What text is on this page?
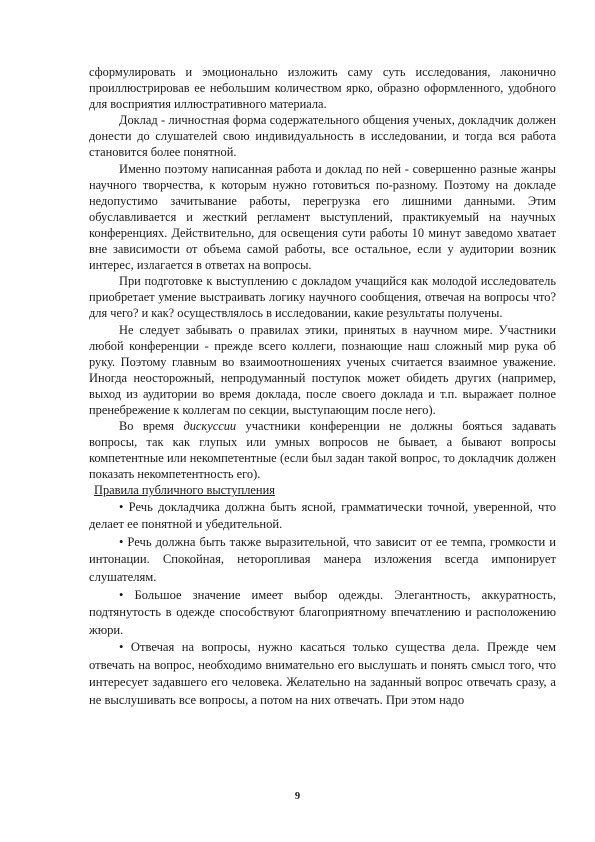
сформулировать и эмоционально изложить саму суть исследования, лаконично проиллюстрировав ее небольшим количеством ярко, образно оформленного, удобного для восприятия иллюстративного материала.

Доклад - личностная форма содержательного общения ученых, докладчик должен донести до слушателей свою индивидуальность в исследовании, и тогда вся работа становится более понятной.

Именно поэтому написанная работа и доклад по ней - совершенно разные жанры научного творчества, к которым нужно готовиться по-разному. Поэтому на докладе недопустимо зачитывание работы, перегрузка его лишними данными. Этим обуславливается и жесткий регламент выступлений, практикуемый на научных конференциях. Действительно, для освещения сути работы 10 минут заведомо хватает вне зависимости от объема самой работы, все остальное, если у аудитории возник интерес, излагается в ответах на вопросы.

При подготовке к выступлению с докладом учащийся как молодой исследователь приобретает умение выстраивать логику научного сообщения, отвечая на вопросы что? для чего? и как? осуществлялось в исследовании, какие результаты получены.

Не следует забывать о правилах этики, принятых в научном мире. Участники любой конференции - прежде всего коллеги, познающие наш сложный мир рука об руку. Поэтому главным во взаимоотношениях ученых считается взаимное уважение. Иногда неосторожный, непродуманный поступок может обидеть других (например, выход из аудитории во время доклада, после своего доклада и т.п. выражает полное пренебрежение к коллегам по секции, выступающим после него).

Во время дискуссии участники конференции не должны бояться задавать вопросы, так как глупых или умных вопросов не бывает, а бывают вопросы компетентные или некомпетентные (если был задан такой вопрос, то докладчик должен показать некомпетентность его).

Правила публичного выступления

• Речь докладчика должна быть ясной, грамматически точной, уверенной, что делает ее понятной и убедительной.

• Речь должна быть также выразительной, что зависит от ее темпа, громкости и интонации. Спокойная, неторопливая манера изложения всегда импонирует слушателям.

• Большое значение имеет выбор одежды. Элегантность, аккуратность, подтянутость в одежде способствуют благоприятному впечатлению и расположению жюри.

• Отвечая на вопросы, нужно касаться только существа дела. Прежде чем отвечать на вопрос, необходимо внимательно его выслушать и понять смысл того, что интересует задавшего его человека. Желательно на заданный вопрос отвечать сразу, а не выслушивать все вопросы, а потом на них отвечать. При этом надо

9
